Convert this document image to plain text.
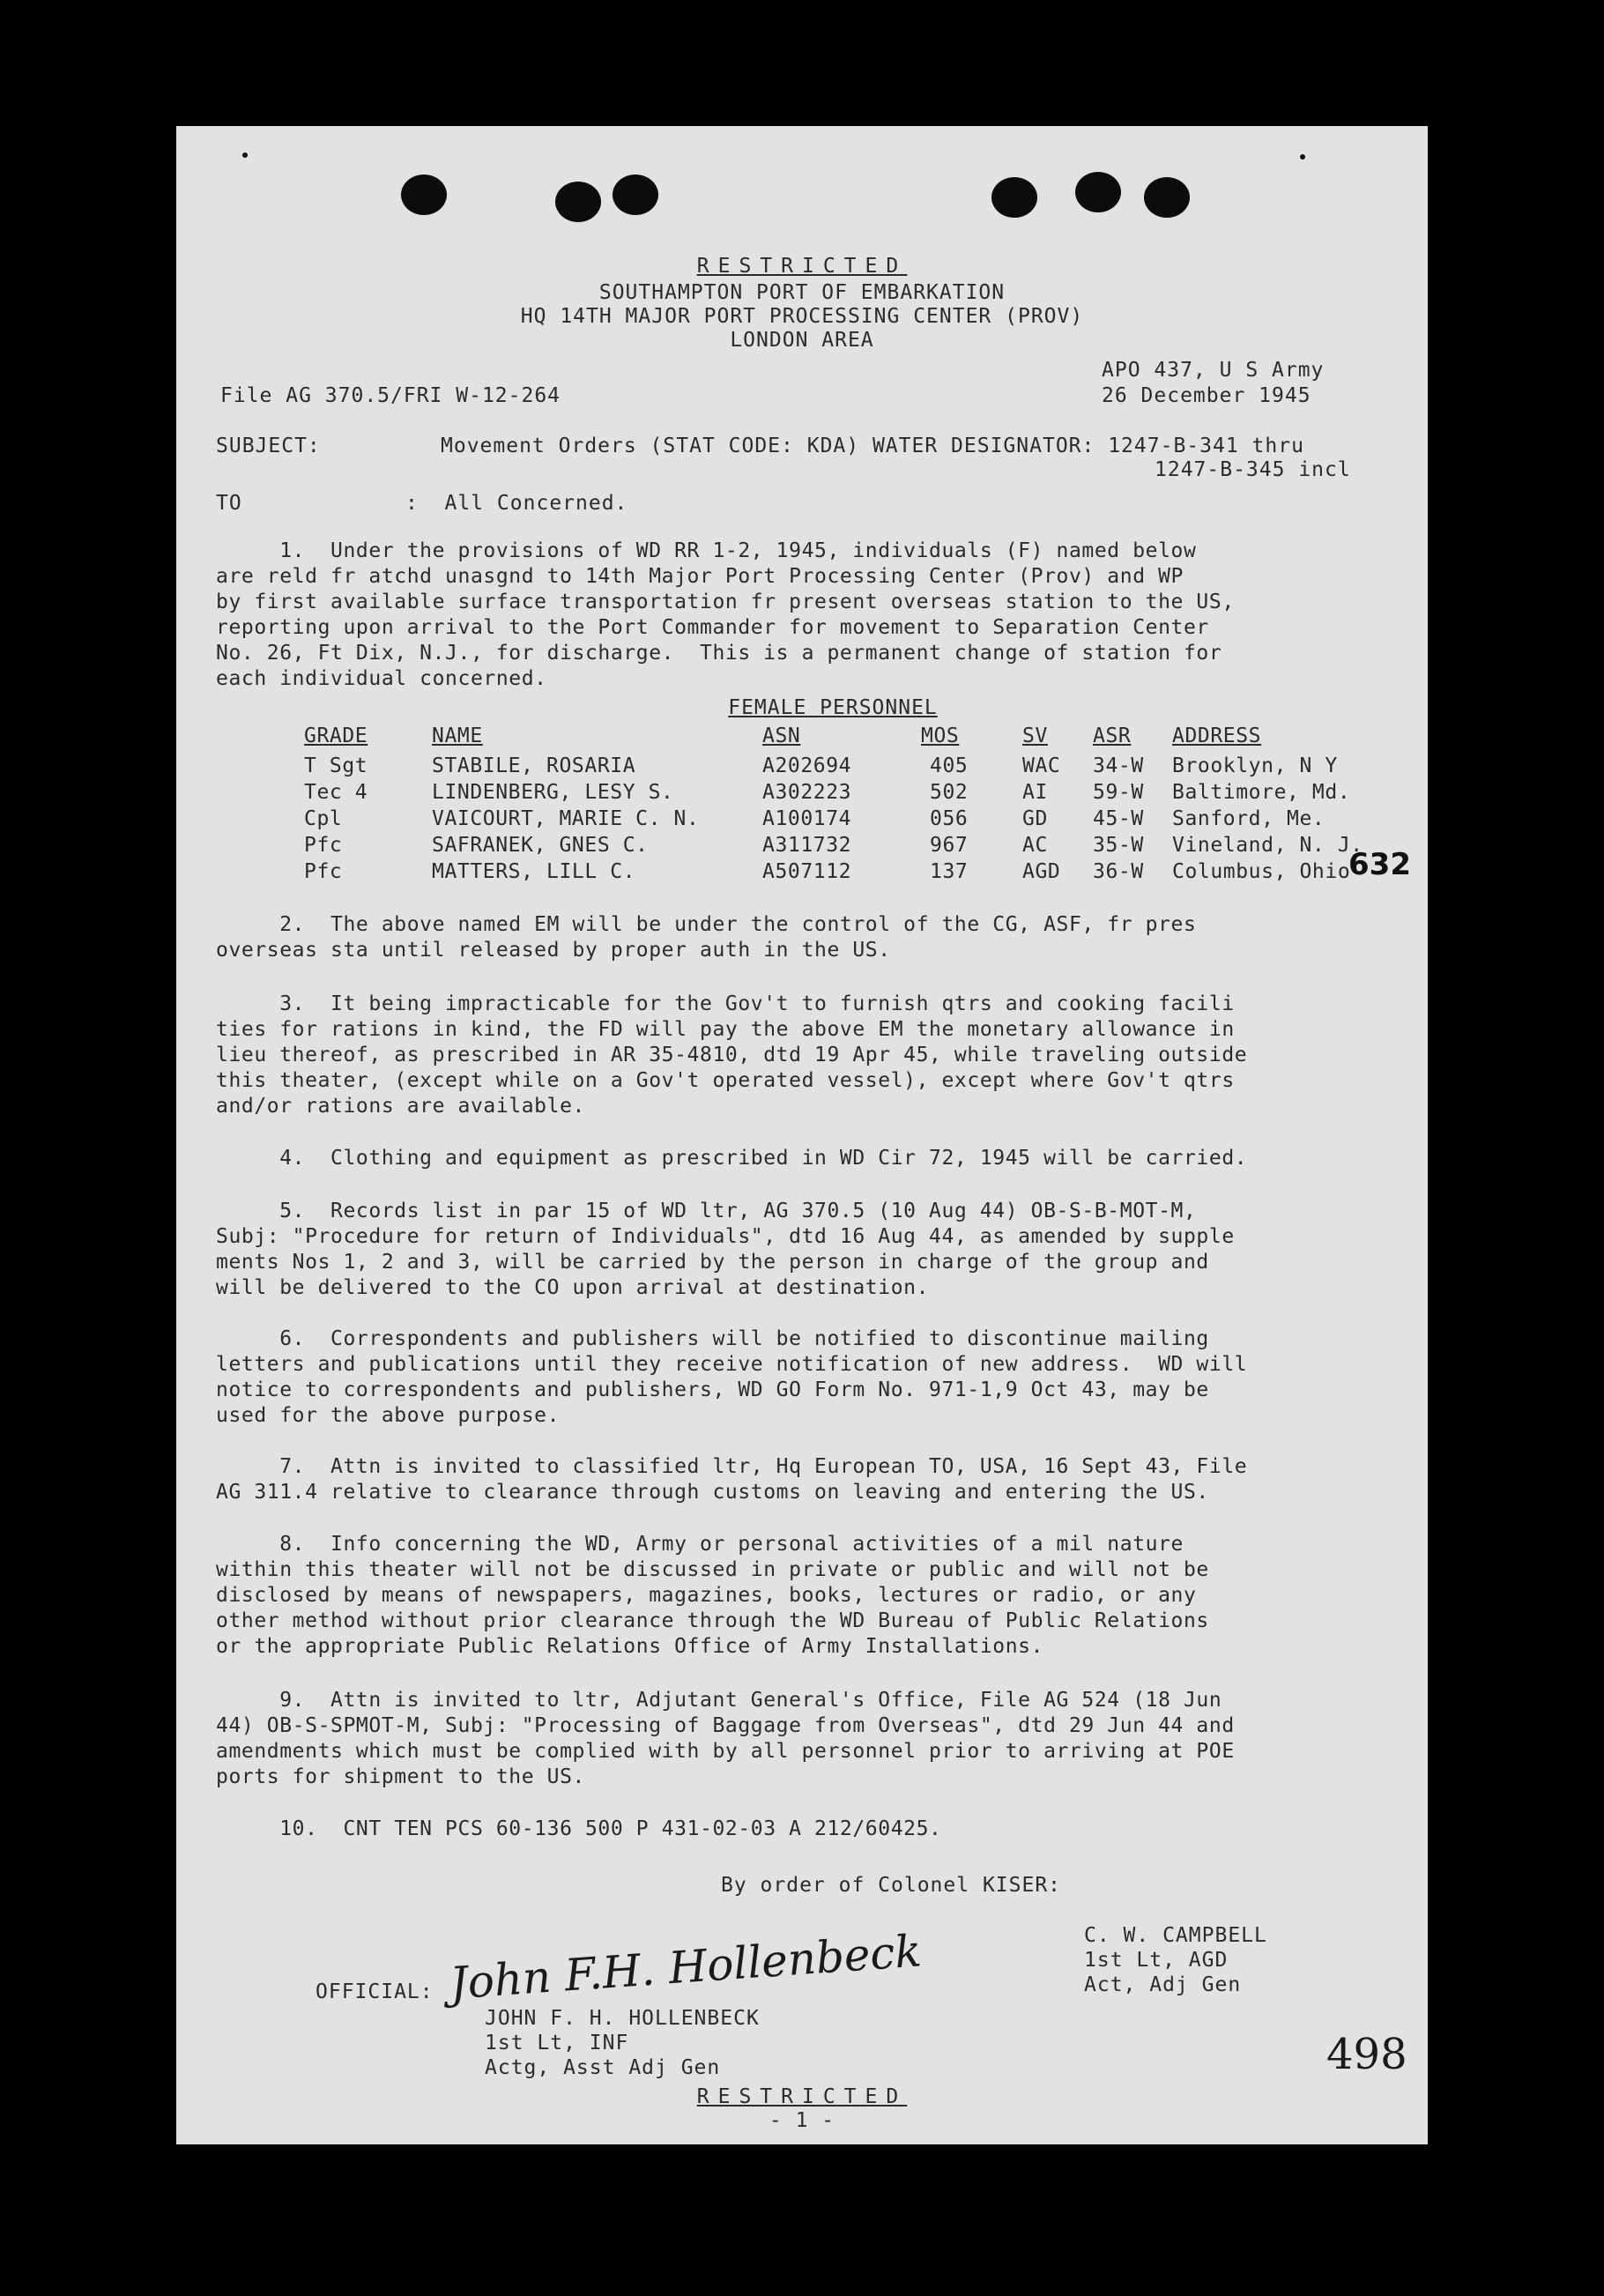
RESTRICTED
SOUTHAMPTON PORT OF EMBARKATION
HQ 14TH MAJOR PORT PROCESSING CENTER (PROV)
LONDON AREA
APO 437, U S Army
File AG 370.5/FRI W-12-264	26 December 1945
SUBJECT:	Movement Orders (STAT CODE: KDA) WATER DESIGNATOR: 1247-B-341 thru
1247-B-345 incl
TO	:  All Concerned.
1.  Under the provisions of WD RR 1-2, 1945, individuals (F) named below
are reld fr atchd unasgnd to 14th Major Port Processing Center (Prov) and WP
by first available surface transportation fr present overseas station to the US,
reporting upon arrival to the Port Commander for movement to Separation Center
No. 26, Ft Dix, N.J., for discharge.  This is a permanent change of station for
each individual concerned.
FEMALE PERSONNEL
GRADE	NAME	ASN	MOS	SV ASR ADDRESS
T Sgt	STABILE, ROSARIA	A202694	405	WAC 34-W Brooklyn, N Y
Tec 4	LINDENBERG, LESY S.	A302223	502	AI 59-W Baltimore, Md.
Cpl	VAICOURT, MARIE C. N.	A100174	056	GD 45-W Sanford, Me.
Pfc	SAFRANEK, GNES C.	A311732	967	AC 35-W Vineland, N. J.
Pfc	MATTERS, LILL C.	A507112	137	AGD 36-W Columbus, Ohio
632
2.  The above named EM will be under the control of the CG, ASF, fr pres
overseas sta until released by proper auth in the US.
3.  It being impracticable for the Gov't to furnish qtrs and cooking facili
ties for rations in kind, the FD will pay the above EM the monetary allowance in
lieu thereof, as prescribed in AR 35-4810, dtd 19 Apr 45, while traveling outside
this theater, (except while on a Gov't operated vessel), except where Gov't qtrs
and/or rations are available.
4.  Clothing and equipment as prescribed in WD Cir 72, 1945 will be carried.
5.  Records list in par 15 of WD ltr, AG 370.5 (10 Aug 44) OB-S-B-MOT-M,
Subj: "Procedure for return of Individuals", dtd 16 Aug 44, as amended by supple
ments Nos 1, 2 and 3, will be carried by the person in charge of the group and
will be delivered to the CO upon arrival at destination.
6.  Correspondents and publishers will be notified to discontinue mailing
letters and publications until they receive notification of new address.  WD will
notice to correspondents and publishers, WD GO Form No. 971-1,9 Oct 43, may be
used for the above purpose.
7.  Attn is invited to classified ltr, Hq European TO, USA, 16 Sept 43, File
AG 311.4 relative to clearance through customs on leaving and entering the US.
8.  Info concerning the WD, Army or personal activities of a mil nature
within this theater will not be discussed in private or public and will not be
disclosed by means of newspapers, magazines, books, lectures or radio, or any
other method without prior clearance through the WD Bureau of Public Relations
or the appropriate Public Relations Office of Army Installations.
9.  Attn is invited to ltr, Adjutant General's Office, File AG 524 (18 Jun
44) OB-S-SPMOT-M, Subj: "Processing of Baggage from Overseas", dtd 29 Jun 44 and
amendments which must be complied with by all personnel prior to arriving at POE
ports for shipment to the US.
10.  CNT TEN PCS 60-136 500 P 431-02-03 A 212/60425.
By order of Colonel KISER:
C. W. CAMPBELL
1st Lt, AGD
Act, Adj Gen
OFFICIAL: John F.H. Hollenbeck
JOHN F. H. HOLLENBECK
1st Lt, INF
Actg, Asst Adj Gen	498
RESTRICTED
- 1 -
